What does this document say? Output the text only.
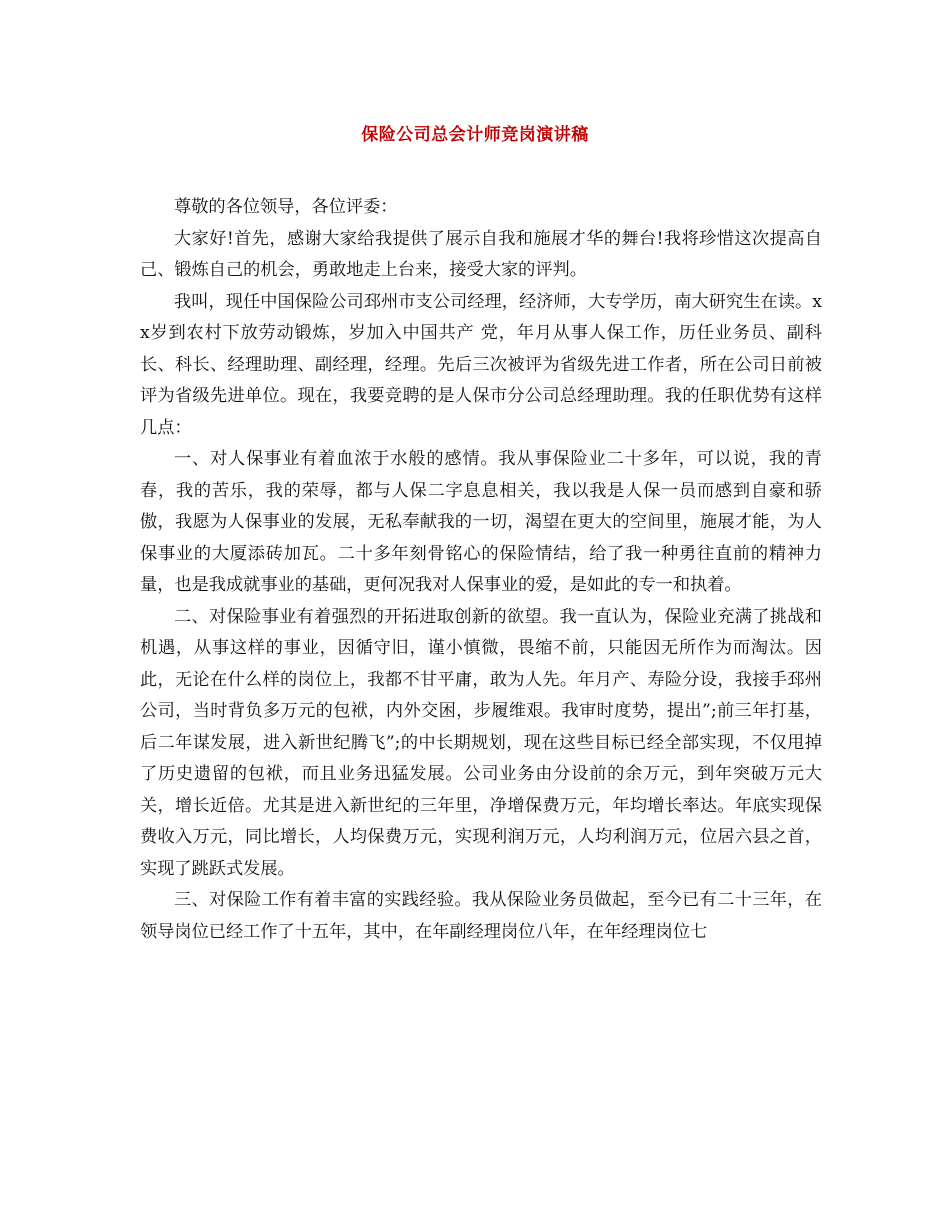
保险公司总会计师竞岗演讲稿

尊敬的各位领导，各位评委：

大家好!首先，感谢大家给我提供了展示自我和施展才华的舞台!我将珍惜这次提高自己、锻炼自己的机会，勇敢地走上台来，接受大家的评判。

我叫，现任中国保险公司邳州市支公司经理，经济师，大专学历，南大研究生在读。xx岁到农村下放劳动锻炼，岁加入中国共产 党，年月从事人保工作，历任业务员、副科长、科长、经理助理、副经理，经理。先后三次被评为省级先进工作者，所在公司日前被评为省级先进单位。现在，我要竞聘的是人保市分公司总经理助理。我的任职优势有这样几点：

一、对人保事业有着血浓于水般的感情。我从事保险业二十多年，可以说，我的青春，我的苦乐，我的荣辱，都与人保二字息息相关，我以我是人保一员而感到自豪和骄傲，我愿为人保事业的发展，无私奉献我的一切，渴望在更大的空间里，施展才能，为人保事业的大厦添砖加瓦。二十多年刻骨铭心的保险情结，给了我一种勇往直前的精神力量，也是我成就事业的基础，更何况我对人保事业的爱，是如此的专一和执着。

二、对保险事业有着强烈的开拓进取创新的欲望。我一直认为，保险业充满了挑战和机遇，从事这样的事业，因循守旧，谨小慎微，畏缩不前，只能因无所作为而淘汰。因此，无论在什么样的岗位上，我都不甘平庸，敢为人先。年月产、寿险分设，我接手邳州公司，当时背负多万元的包袱，内外交困，步履维艰。我审时度势，提出”;前三年打基，后二年谋发展，进入新世纪腾飞”;的中长期规划，现在这些目标已经全部实现，不仅甩掉了历史遗留的包袱，而且业务迅猛发展。公司业务由分设前的余万元，到年突破万元大关，增长近倍。尤其是进入新世纪的三年里，净增保费万元，年均增长率达。年底实现保费收入万元，同比增长，人均保费万元，实现利润万元，人均利润万元，位居六县之首，实现了跳跃式发展。

三、对保险工作有着丰富的实践经验。我从保险业务员做起，至今已有二十三年，在领导岗位已经工作了十五年，其中，在年副经理岗位八年，在年经理岗位七
